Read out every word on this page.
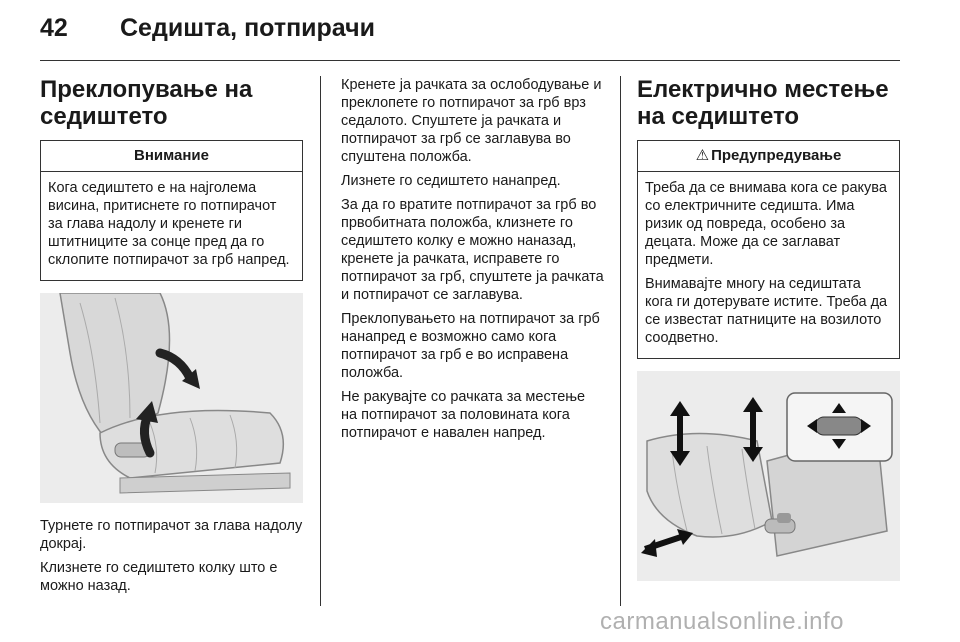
42 Седишта, потпирачи
Преклопување на седиштето
Внимание

Кога седиштето е на најголема висина, притиснете го потпирачот за глава надолу и кренете ги штитниците за сонце пред да го склопите потпирачот за грб напред.

Турнете го потпирачот за глава надолу докрај.

Клизнете го седиштето колку што е можно назад.

Кренете ја рачката за ослободување и преклопете го потпирачот за грб врз седалото. Спуштете ја рачката и потпирачот за грб се заглавува во спуштена положба.

Лизнете го седиштето нанапред.

За да го вратите потпирачот за грб во првобитната положба, клизнете го седиштето колку е можно наназад, кренете ја рачката, исправете го потпирачот за грб, спуштете ја рачката и потпирачот се заглавува.

Преклопувањето на потпирачот за грб нанапред е возможно само кога потпирачот за грб е во исправена положба.

Не ракувајте со рачката за местење на потпирачот за половината кога потпирачот е навален напред.

Електрично местење на седиштето
⚠ Предупредување

Треба да се внимава кога се ракува со електричните седишта. Има ризик од повреда, особено за децата. Може да се заглават предмети.

Внимавајте многу на седиштата кога ги дотерувате истите. Треба да се известат патниците на возилото соодветно.

carmanualsonline.info
